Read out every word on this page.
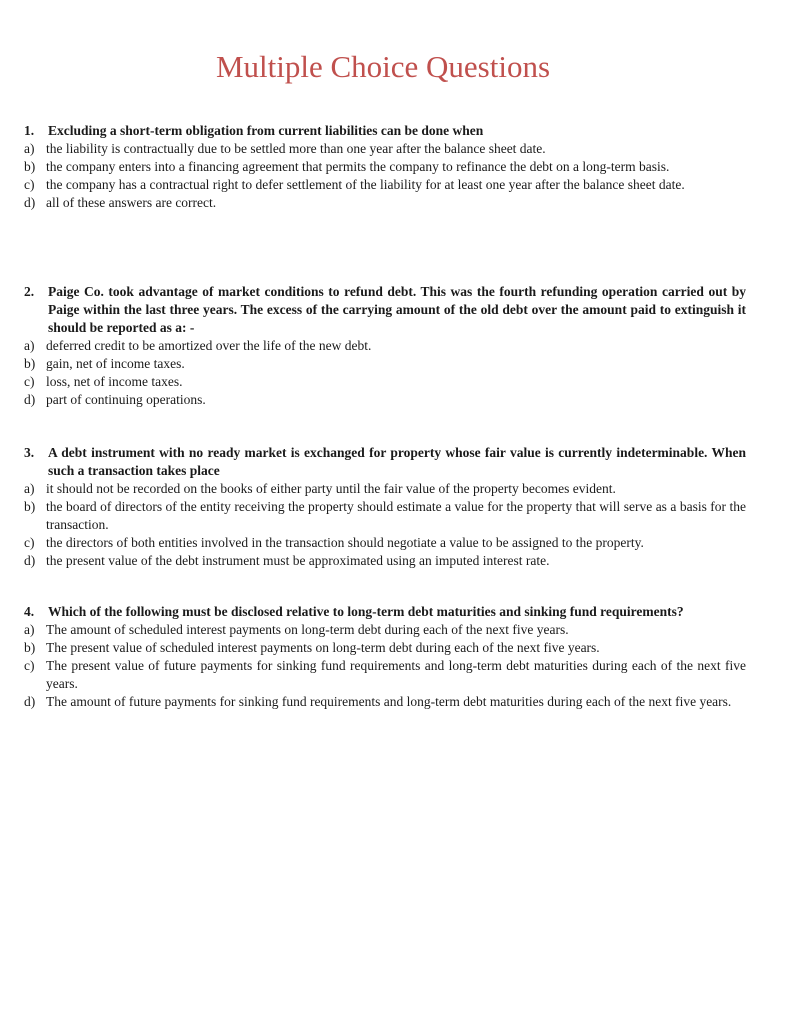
Multiple Choice Questions
1.	Excluding a short-term obligation from current liabilities can be done when
a) the liability is contractually due to be settled more than one year after the balance sheet date.
b) the company enters into a financing agreement that permits the company to refinance the debt on a long-term basis.
c) the company has a contractual right to defer settlement of the liability for at least one year after the balance sheet date.
d) all of these answers are correct.
2.	Paige Co. took advantage of market conditions to refund debt. This was the fourth refunding operation carried out by Paige within the last three years. The excess of the carrying amount of the old debt over the amount paid to extinguish it should be reported as a: -
a) deferred credit to be amortized over the life of the new debt.
b) gain, net of income taxes.
c) loss, net of income taxes.
d) part of continuing operations.
3.	A debt instrument with no ready market is exchanged for property whose fair value is currently indeterminable. When such a transaction takes place
a) it should not be recorded on the books of either party until the fair value of the property becomes evident.
b) the board of directors of the entity receiving the property should estimate a value for the property that will serve as a basis for the transaction.
c) the directors of both entities involved in the transaction should negotiate a value to be assigned to the property.
d) the present value of the debt instrument must be approximated using an imputed interest rate.
4.	Which of the following must be disclosed relative to long-term debt maturities and sinking fund requirements?
a) The amount of scheduled interest payments on long-term debt during each of the next five years.
b) The present value of scheduled interest payments on long-term debt during each of the next five years.
c) The present value of future payments for sinking fund requirements and long-term debt maturities during each of the next five years.
d) The amount of future payments for sinking fund requirements and long-term debt maturities during each of the next five years.
